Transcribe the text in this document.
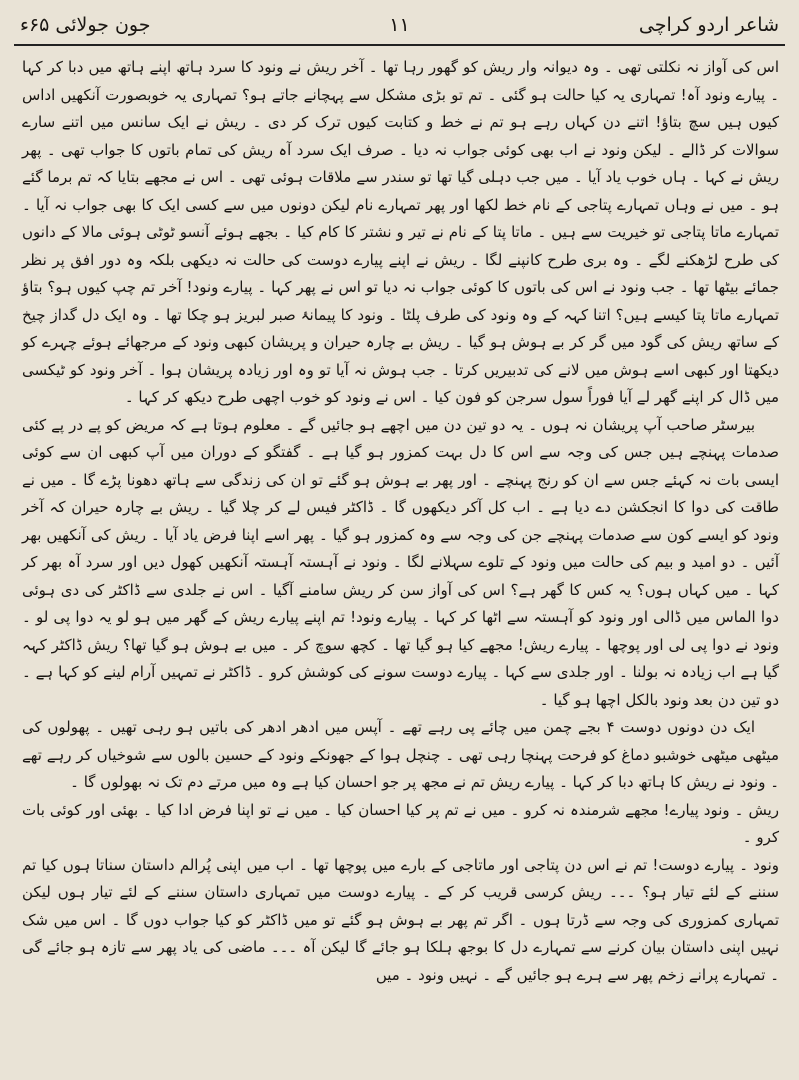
شاعر اردو کراچی
۱۱
جون جولائی ۶۵ء

اس کی آواز نہ نکلتی تھی ۔ وہ دیوانہ وار ریش کو گھور رہا تھا ۔ آخر ریش نے ونود کا سرد ہاتھ اپنے ہاتھ میں دبا کر کہا ۔ پیارے ونود آہ! تمہاری یہ کیا حالت ہو گئی ۔ تم تو بڑی مشکل سے پہچانے جاتے ہو؟ تمہاری یہ خوبصورت آنکھیں اداس کیوں ہیں سچ بتاؤ! اتنے دن کہاں رہے ہو تم نے خط و کتابت کیوں ترک کر دی ۔ ریش نے ایک سانس میں اتنے سارے سوالات کر ڈالے ۔ لیکن ونود نے اب بھی کوئی جواب نہ دیا ۔ صرف ایک سرد آہ ریش کی تمام باتوں کا جواب تھی ۔ پھر ریش نے کہا ۔ ہاں خوب یاد آیا ۔ میں جب دہلی گیا تھا تو سندر سے ملاقات ہوئی تھی ۔ اس نے مجھے بتایا کہ تم برما گئے ہو ۔ میں نے وہاں تمہارے پتاجی کے نام خط لکھا اور پھر تمہارے نام لیکن دونوں میں سے کسی ایک کا بھی جواب نہ آیا ۔ تمہارے ماتا پتاجی تو خیریت سے ہیں ۔ ماتا پتا کے نام نے تیر و نشتر کا کام کیا ۔ بجھے ہوئے آنسو ٹوٹی ہوئی مالا کے دانوں کی طرح لڑھکنے لگے ۔ وہ بری طرح کانپنے لگا ۔ ریش نے اپنے پیارے دوست کی حالت نہ دیکھی بلکہ وہ دور افق پر نظر جمائے بیٹھا تھا ۔ جب ونود نے اس کی باتوں کا کوئی جواب نہ دیا تو اس نے پھر کہا ۔ پیارے ونود! آخر تم چپ کیوں ہو؟ بتاؤ تمہارے ماتا پتا کیسے ہیں؟ اتنا کہہ کے وہ ونود کی طرف پلٹا ۔ ونود کا پیمانۂ صبر لبریز ہو چکا تھا ۔ وہ ایک دل گداز چیخ کے ساتھ ریش کی گود میں گر کر بے ہوش ہو گیا ۔ ریش بے چارہ حیران و پریشان کبھی ونود کے مرجھائے ہوئے چہرے کو دیکھتا اور کبھی اسے ہوش میں لانے کی تدبیریں کرتا ۔ جب ہوش نہ آیا تو وہ اور زیادہ پریشان ہوا ۔ آخر ونود کو ٹیکسی میں ڈال کر اپنے گھر لے آیا فوراً سول سرجن کو فون کیا ۔ اس نے ونود کو خوب اچھی طرح دیکھ کر کہا ۔

بیرسٹر صاحب آپ پریشان نہ ہوں ۔ یہ دو تین دن میں اچھے ہو جائیں گے ۔ معلوم ہوتا ہے کہ مریض کو پے در پے کئی صدمات پہنچے ہیں جس کی وجہ سے اس کا دل بہت کمزور ہو گیا ہے ۔ گفتگو کے دوران میں آپ کبھی ان سے کوئی ایسی بات نہ کہئے جس سے ان کو رنج پہنچے ۔ اور پھر بے ہوش ہو گئے تو ان کی زندگی سے ہاتھ دھونا پڑے گا ۔ میں نے طاقت کی دوا کا انجکشن دے دیا ہے ۔ اب کل آکر دیکھوں گا ۔ ڈاکٹر فیس لے کر چلا گیا ۔ ریش بے چارہ حیران کہ آخر ونود کو ایسے کون سے صدمات پہنچے جن کی وجہ سے وہ کمزور ہو گیا ۔ پھر اسے اپنا فرض یاد آیا ۔ ریش کی آنکھیں بھر آئیں ۔ دو امید و بیم کی حالت میں ونود کے تلوے سہلانے لگا ۔ ونود نے آہستہ آہستہ آنکھیں کھول دیں اور سرد آہ بھر کر کہا ۔ میں کہاں ہوں؟ یہ کس کا گھر ہے؟ اس کی آواز سن کر ریش سامنے آگیا ۔ اس نے جلدی سے ڈاکٹر کی دی ہوئی دوا الماس میں ڈالی اور ونود کو آہستہ سے اٹھا کر کہا ۔ پیارے ونود! تم اپنے پیارے ریش کے گھر میں ہو لو یہ دوا پی لو ۔ ونود نے دوا پی لی اور پوچھا ۔ پیارے ریش! مجھے کیا ہو گیا تھا ۔ کچھ سوچ کر ۔ میں بے ہوش ہو گیا تھا؟ ریش ڈاکٹر کہہ گیا ہے اب زیادہ نہ بولنا ۔ اور جلدی سے کہا ۔ پیارے دوست سونے کی کوشش کرو ۔ ڈاکٹر نے تمہیں آرام لینے کو کہا ہے ۔ دو تین دن بعد ونود بالکل اچھا ہو گیا ۔

ایک دن دونوں دوست ۴ بجے چمن میں چائے پی رہے تھے ۔ آپس میں ادھر ادھر کی باتیں ہو رہی تھیں ۔ پھولوں کی میٹھی میٹھی خوشبو دماغ کو فرحت پہنچا رہی تھی ۔ چنچل ہوا کے جھونکے ونود کے حسین بالوں سے شوخیاں کر رہے تھے ۔ ونود نے ریش کا ہاتھ دبا کر کہا ۔ پیارے ریش تم نے مجھ پر جو احسان کیا ہے وہ میں مرتے دم تک نہ بھولوں گا ۔

ریش ۔ ونود پیارے! مجھے شرمندہ نہ کرو ۔ میں نے تم پر کیا احسان کیا ۔ میں نے تو اپنا فرض ادا کیا ۔ بھئی اور کوئی بات کرو ۔

ونود ۔ پیارے دوست! تم نے اس دن پتاجی اور ماتاجی کے بارے میں پوچھا تھا ۔ اب میں اپنی پُرالم داستان سناتا ہوں کیا تم سننے کے لئے تیار ہو؟ ۔۔۔ ریش کرسی قریب کر کے ۔ پیارے دوست میں تمہاری داستان سننے کے لئے تیار ہوں لیکن تمہاری کمزوری کی وجہ سے ڈرتا ہوں ۔ اگر تم پھر بے ہوش ہو گئے تو میں ڈاکٹر کو کیا جواب دوں گا ۔ اس میں شک نہیں اپنی داستان بیان کرنے سے تمہارے دل کا بوجھ ہلکا ہو جائے گا لیکن آہ ۔۔۔ ماضی کی یاد پھر سے تازہ ہو جائے گی ۔ تمہارے پرانے زخم پھر سے ہرے ہو جائیں گے ۔ نہیں ونود ۔ میں
